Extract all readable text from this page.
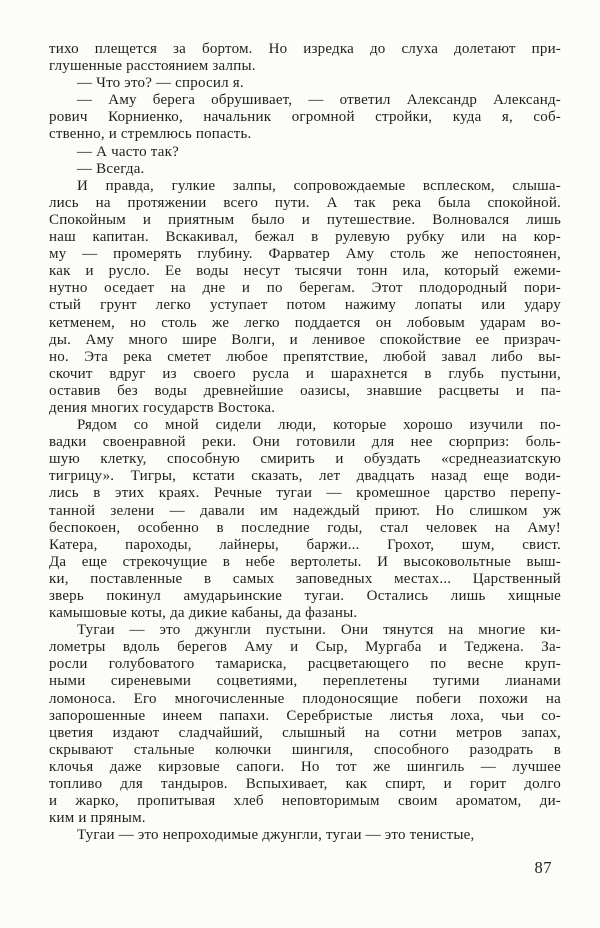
тихо плещется за бортом. Но изредка до слуха долетают при-
глушенные расстоянием залпы.
— Что это? — спросил я.
— Аму берега обрушивает, — ответил Александр Александ-
рович Корниенко, начальник огромной стройки, куда я, соб-
ственно, и стремлюсь попасть.
— А часто так?
— Всегда.
И правда, гулкие залпы, сопровождаемые всплеском, слыша-
лись на протяжении всего пути. А так река была спокойной.
Спокойным и приятным было и путешествие. Волновался лишь
наш капитан. Вскакивал, бежал в рулевую рубку или на кор-
му — промерять глубину. Фарватер Аму столь же непостоянен,
как и русло. Ее воды несут тысячи тонн ила, который ежеми-
нутно оседает на дне и по берегам. Этот плодородный пори-
стый грунт легко уступает потом нажиму лопаты или удару
кетменем, но столь же легко поддается он лобовым ударам во-
ды. Аму много шире Волги, и ленивое спокойствие ее призрач-
но. Эта река сметет любое препятствие, любой завал либо вы-
скочит вдруг из своего русла и шарахнется в глубь пустыни,
оставив без воды древнейшие оазисы, знавшие расцветы и па-
дения многих государств Востока.
Рядом со мной сидели люди, которые хорошо изучили по-
вадки своенравной реки. Они готовили для нее сюрприз: боль-
шую клетку, способную смирить и обуздать «среднеазиатскую
тигрицу». Тигры, кстати сказать, лет двадцать назад еще води-
лись в этих краях. Речные тугаи — кромешное царство перепу-
танной зелени — давали им надеждый приют. Но слишком уж
беспокоен, особенно в последние годы, стал человек на Аму!
Катера, пароходы, лайнеры, баржи... Грохот, шум, свист.
Да еще стрекочущие в небе вертолеты. И высоковольтные выш-
ки, поставленные в самых заповедных местах... Царственный
зверь покинул амударьинские тугаи. Остались лишь хищные
камышовые коты, да дикие кабаны, да фазаны.
Тугаи — это джунгли пустыни. Они тянутся на многие ки-
лометры вдоль берегов Аму и Сыр, Мургаба и Теджена. За-
росли голубоватого тамариска, расцветающего по весне круп-
ными сиреневыми соцветиями, переплетены тугими лианами
ломоноса. Его многочисленные плодоносящие побеги похожи на
запорошенные инеем папахи. Серебристые листья лоха, чьи со-
цветия издают сладчайший, слышный на сотни метров запах,
скрывают стальные колючки шингиля, способного разодрать в
клочья даже кирзовые сапоги. Но тот же шингиль — лучшее
топливо для тандыров. Вспыхивает, как спирт, и горит долго
и жарко, пропитывая хлеб неповторимым своим ароматом, ди-
ким и пряным.
Тугаи — это непроходимые джунгли, тугаи — это тенистые,
87
